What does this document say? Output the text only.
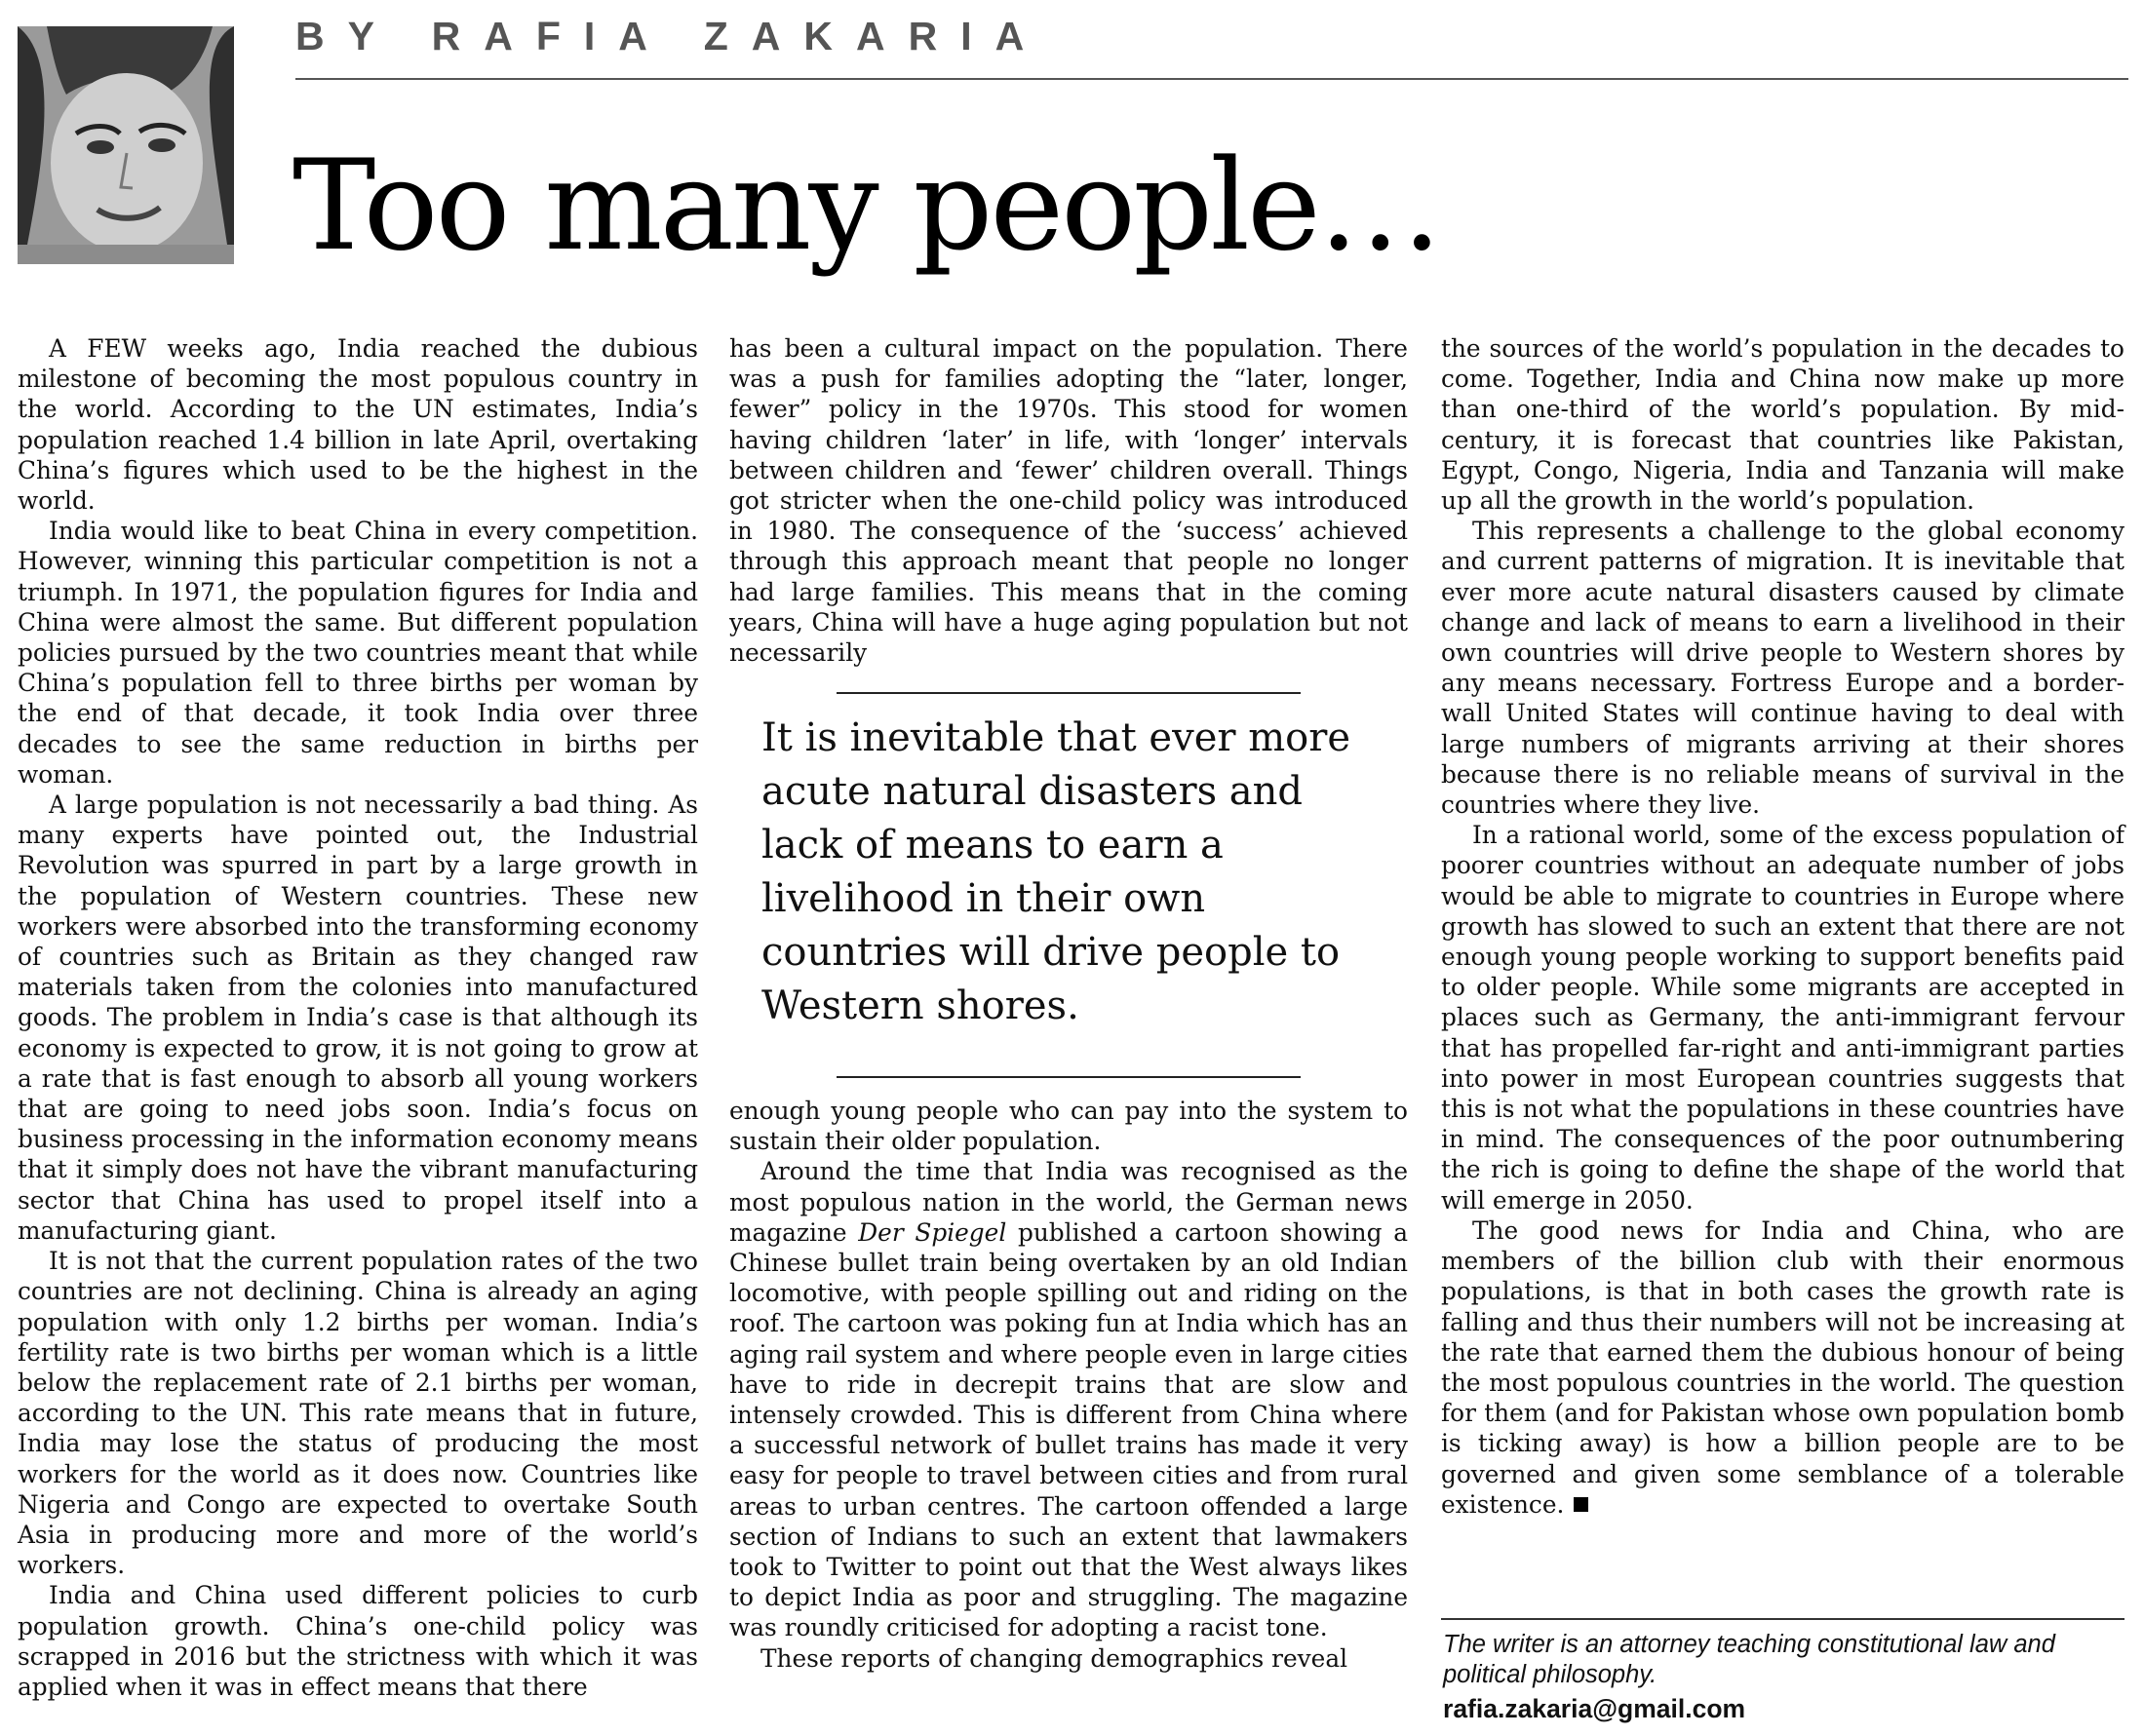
BY RAFIA ZAKARIA
Too many people…

A FEW weeks ago, India reached the dubious milestone of becoming the most populous country in the world. According to the UN estimates, India’s population reached 1.4 billion in late April, overtaking China’s figures which used to be the highest in the world.

India would like to beat China in every competition. However, winning this particular competition is not a triumph. In 1971, the population figures for India and China were almost the same. But different population policies pursued by the two countries meant that while China’s population fell to three births per woman by the end of that decade, it took India over three decades to see the same reduction in births per woman.

A large population is not necessarily a bad thing. As many experts have pointed out, the Industrial Revolution was spurred in part by a large growth in the population of Western countries. These new workers were absorbed into the transforming economy of countries such as Britain as they changed raw materials taken from the colonies into manufactured goods. The problem in India’s case is that although its economy is expected to grow, it is not going to grow at a rate that is fast enough to absorb all young workers that are going to need jobs soon. India’s focus on business processing in the information economy means that it simply does not have the vibrant manufacturing sector that China has used to propel itself into a manufacturing giant.

It is not that the current population rates of the two countries are not declining. China is already an aging population with only 1.2 births per woman. India’s fertility rate is two births per woman which is a little below the replacement rate of 2.1 births per woman, according to the UN. This rate means that in future, India may lose the status of producing the most workers for the world as it does now. Countries like Nigeria and Congo are expected to overtake South Asia in producing more and more of the world’s workers.

India and China used different policies to curb population growth. China’s one-child policy was scrapped in 2016 but the strictness with which it was applied when it was in effect means that there

has been a cultural impact on the population. There was a push for families adopting the “later, longer, fewer” policy in the 1970s. This stood for women having children ‘later’ in life, with ‘longer’ intervals between children and ‘fewer’ children overall. Things got stricter when the one-child policy was introduced in 1980. The consequence of the ‘success’ achieved through this approach meant that people no longer had large families. This means that in the coming years, China will have a huge aging population but not necessarily

It is inevitable that ever more acute natural disasters and lack of means to earn a livelihood in their own countries will drive people to Western shores.

enough young people who can pay into the system to sustain their older population.

Around the time that India was recognised as the most populous nation in the world, the German news magazine Der Spiegel published a cartoon showing a Chinese bullet train being overtaken by an old Indian locomotive, with people spilling out and riding on the roof. The cartoon was poking fun at India which has an aging rail system and where people even in large cities have to ride in decrepit trains that are slow and intensely crowded. This is different from China where a successful network of bullet trains has made it very easy for people to travel between cities and from rural areas to urban centres. The cartoon offended a large section of Indians to such an extent that lawmakers took to Twitter to point out that the West always likes to depict India as poor and struggling. The magazine was roundly criticised for adopting a racist tone.

These reports of changing demographics reveal

the sources of the world’s population in the decades to come. Together, India and China now make up more than one-third of the world’s population. By mid-century, it is forecast that countries like Pakistan, Egypt, Congo, Nigeria, India and Tanzania will make up all the growth in the world’s population.

This represents a challenge to the global economy and current patterns of migration. It is inevitable that ever more acute natural disasters caused by climate change and lack of means to earn a livelihood in their own countries will drive people to Western shores by any means necessary. Fortress Europe and a border-wall United States will continue having to deal with large numbers of migrants arriving at their shores because there is no reliable means of survival in the countries where they live.

In a rational world, some of the excess population of poorer countries without an adequate number of jobs would be able to migrate to countries in Europe where growth has slowed to such an extent that there are not enough young people working to support benefits paid to older people. While some migrants are accepted in places such as Germany, the anti-immigrant fervour that has propelled far-right and anti-immigrant parties into power in most European countries suggests that this is not what the populations in these countries have in mind. The consequences of the poor outnumbering the rich is going to define the shape of the world that will emerge in 2050.

The good news for India and China, who are members of the billion club with their enormous populations, is that in both cases the growth rate is falling and thus their numbers will not be increasing at the rate that earned them the dubious honour of being the most populous countries in the world. The question for them (and for Pakistan whose own population bomb is ticking away) is how a billion people are to be governed and given some semblance of a tolerable existence.

The writer is an attorney teaching constitutional law and political philosophy.

rafia.zakaria@gmail.com
